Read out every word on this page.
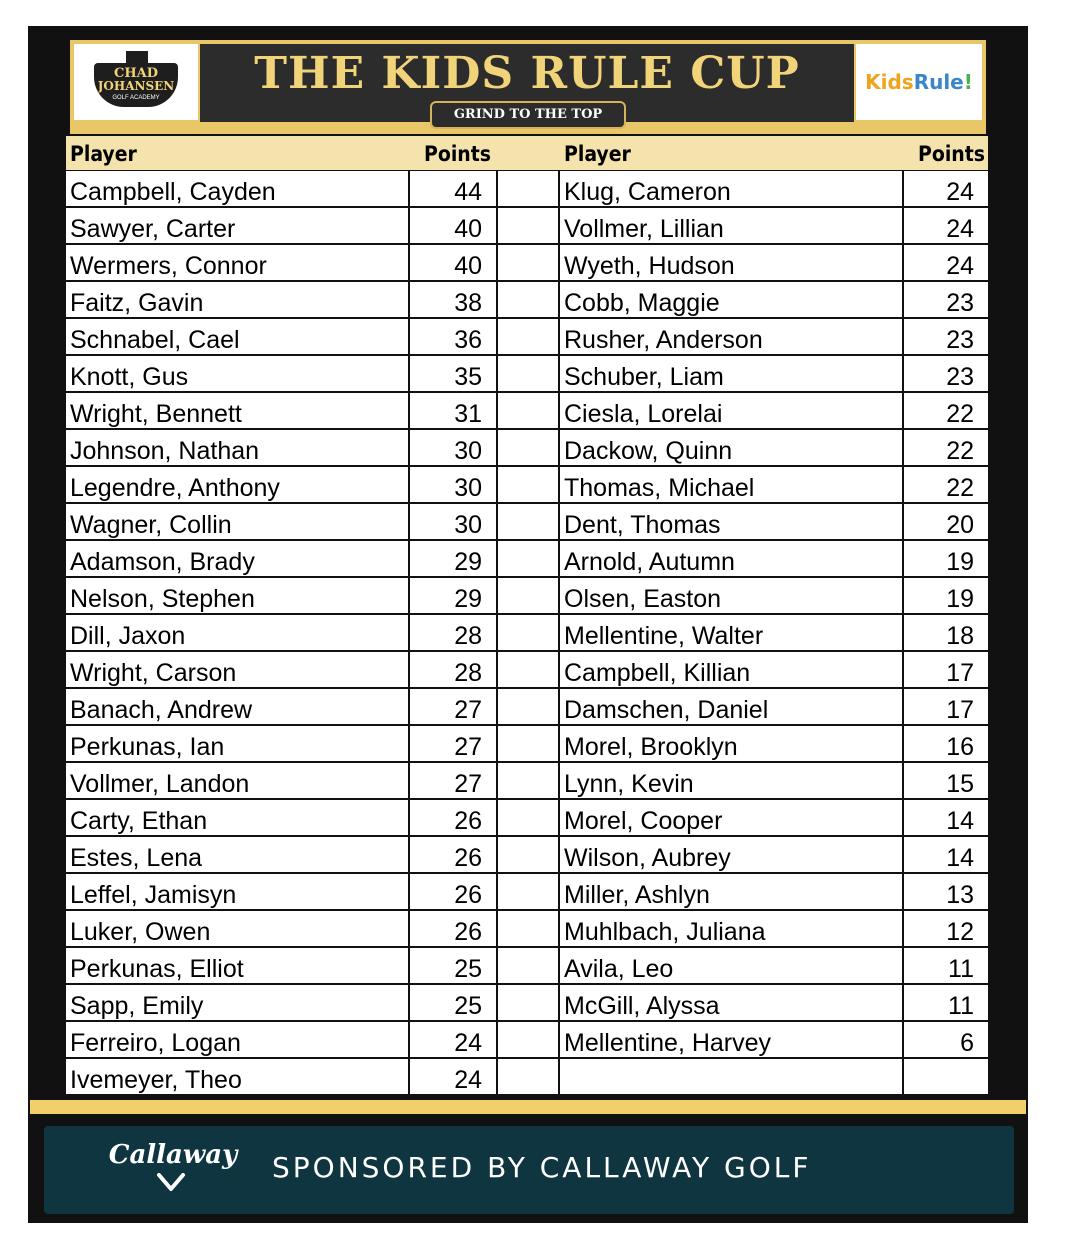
CHAD
JOHANSEN
GOLF ACADEMY	THE KIDS RULE CUP
GRIND TO THE TOP
KidsRule!
Player	Points	Player	Points
Campbell, Cayden	44	Klug, Cameron	24
Sawyer, Carter	40	Vollmer, Lillian	24
Wermers, Connor	40	Wyeth, Hudson	24
Faitz, Gavin	38	Cobb, Maggie	23
Schnabel, Cael	36	Rusher, Anderson	23
Knott, Gus	35	Schuber, Liam	23
Wright, Bennett	31	Ciesla, Lorelai	22
Johnson, Nathan	30	Dackow, Quinn	22
Legendre, Anthony	30	Thomas, Michael	22
Wagner, Collin	30	Dent, Thomas	20
Adamson, Brady	29	Arnold, Autumn	19
Nelson, Stephen	29	Olsen, Easton	19
Dill, Jaxon	28	Mellentine, Walter	18
Wright, Carson	28	Campbell, Killian	17
Banach, Andrew	27	Damschen, Daniel	17
Perkunas, Ian	27	Morel, Brooklyn	16
Vollmer, Landon	27	Lynn, Kevin	15
Carty, Ethan	26	Morel, Cooper	14
Estes, Lena	26	Wilson, Aubrey	14
Leffel, Jamisyn	26	Miller, Ashlyn	13
Luker, Owen	26	Muhlbach, Juliana	12
Perkunas, Elliot	25	Avila, Leo	11
Sapp, Emily	25	McGill, Alyssa	11
Ferreiro, Logan	24	Mellentine, Harvey	6
Ivemeyer, Theo	24
Callaway SPONSORED BY CALLAWAY GOLF
